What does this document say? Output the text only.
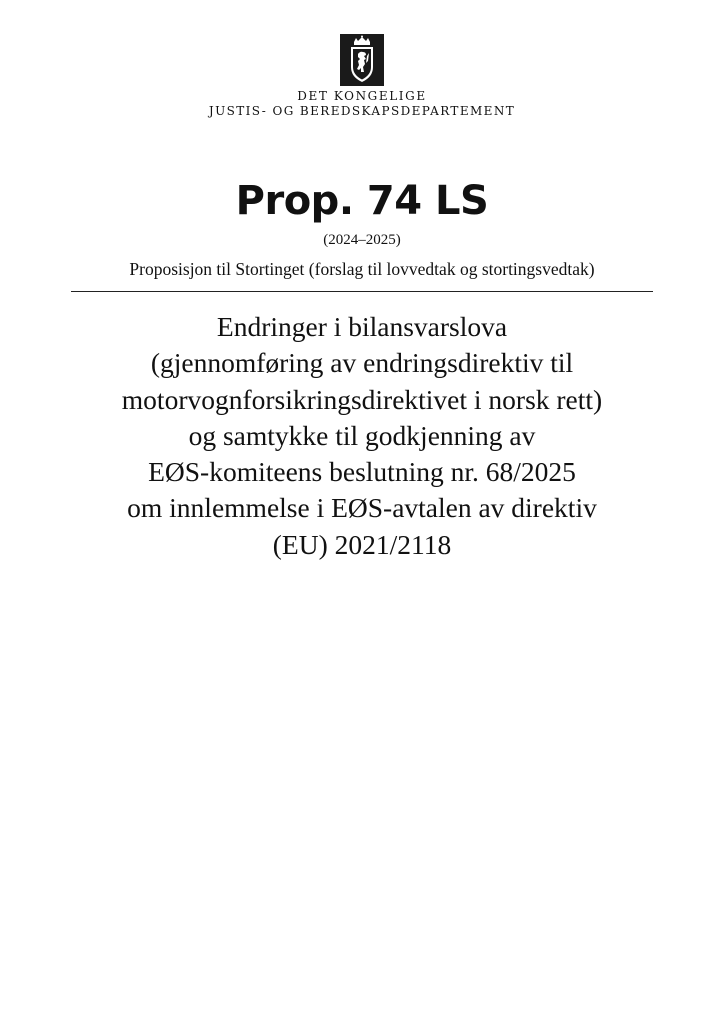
DET KONGELIGE
JUSTIS- OG BEREDSKAPSDEPARTEMENT
Prop. 74 LS
(2024–2025)
Proposisjon til Stortinget (forslag til lovvedtak og stortingsvedtak)
Endringer i bilansvarslova
(gjennomføring av endringsdirektiv til
motorvognforsikringsdirektivet i norsk rett)
og samtykke til godkjenning av
EØS-komiteens beslutning nr. 68/2025
om innlemmelse i EØS-avtalen av direktiv
(EU) 2021/2118
